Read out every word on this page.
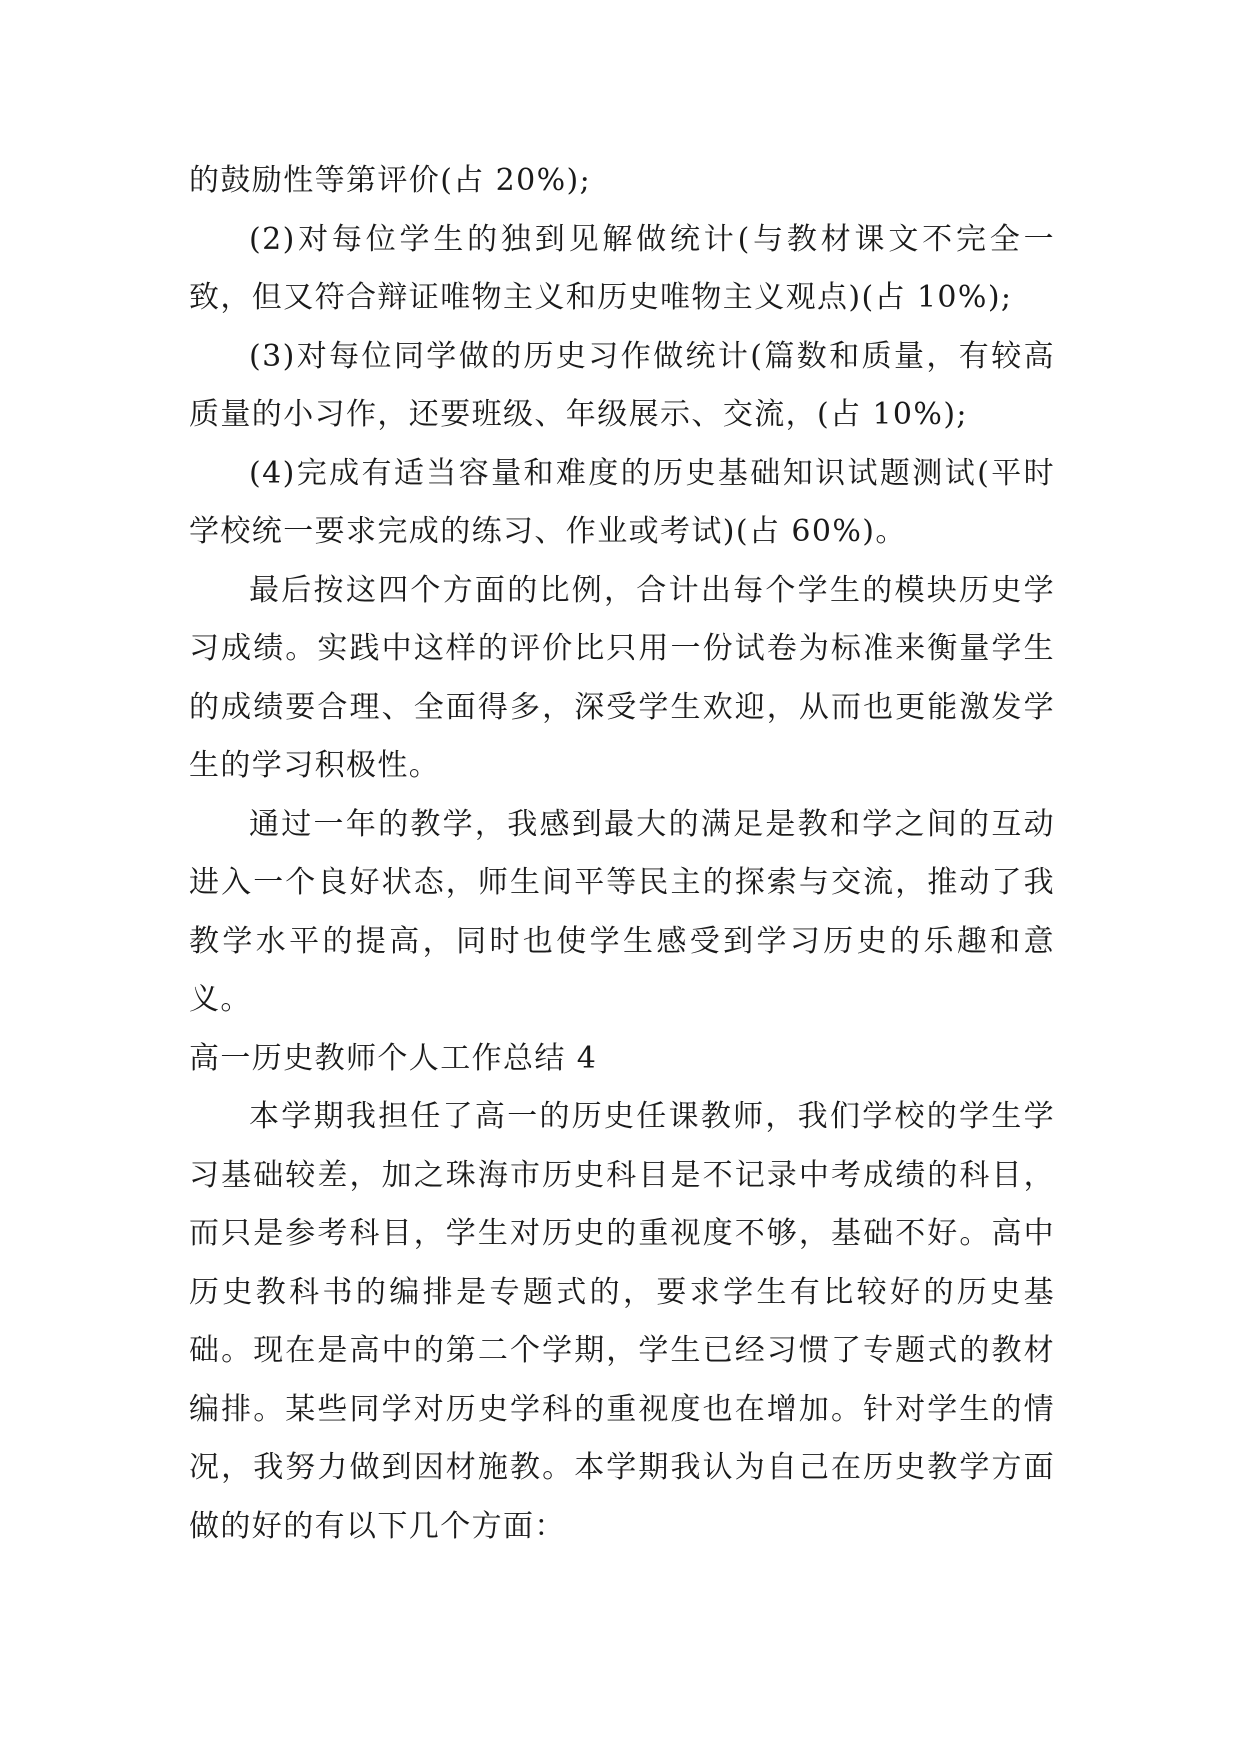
的鼓励性等第评价(占 20%);

(2)对每位学生的独到见解做统计(与教材课文不完全一致，但又符合辩证唯物主义和历史唯物主义观点)(占 10%);

(3)对每位同学做的历史习作做统计(篇数和质量，有较高质量的小习作，还要班级、年级展示、交流，(占 10%);

(4)完成有适当容量和难度的历史基础知识试题测试(平时学校统一要求完成的练习、作业或考试)(占 60%)。

最后按这四个方面的比例，合计出每个学生的模块历史学习成绩。实践中这样的评价比只用一份试卷为标准来衡量学生的成绩要合理、全面得多，深受学生欢迎，从而也更能激发学生的学习积极性。

通过一年的教学，我感到最大的满足是教和学之间的互动进入一个良好状态，师生间平等民主的探索与交流，推动了我教学水平的提高，同时也使学生感受到学习历史的乐趣和意义。

高一历史教师个人工作总结 4

本学期我担任了高一的历史任课教师，我们学校的学生学习基础较差，加之珠海市历史科目是不记录中考成绩的科目，而只是参考科目，学生对历史的重视度不够，基础不好。高中历史教科书的编排是专题式的，要求学生有比较好的历史基础。现在是高中的第二个学期，学生已经习惯了专题式的教材编排。某些同学对历史学科的重视度也在增加。针对学生的情况，我努力做到因材施教。本学期我认为自己在历史教学方面做的好的有以下几个方面：
